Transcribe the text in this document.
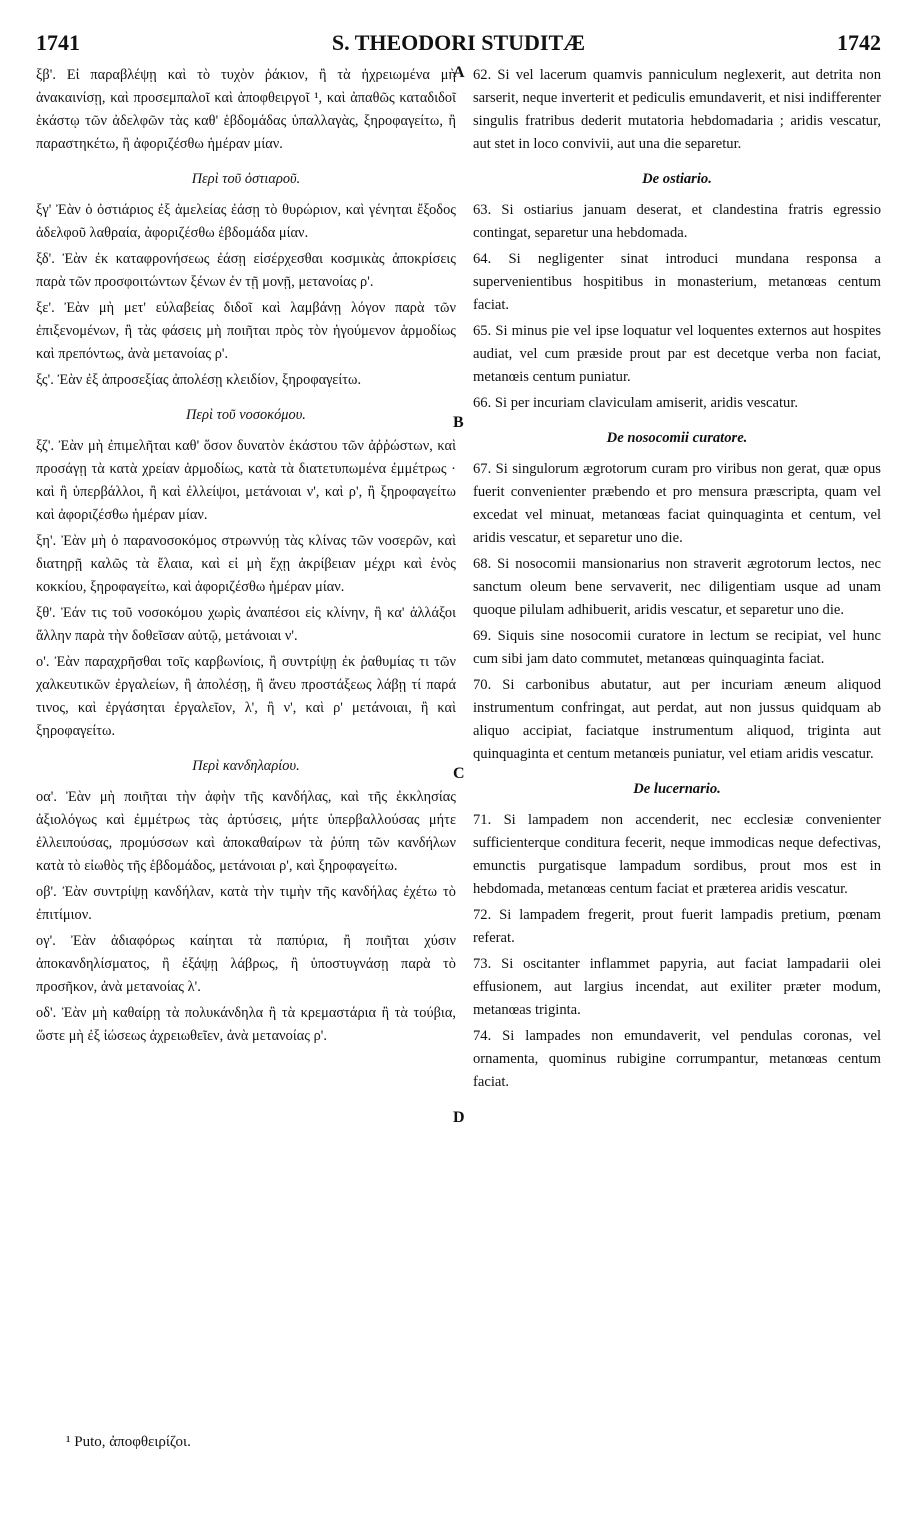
1741	S. THEODORI STUDITÆ	1742
ξβ'. Εἰ παραβλέψῃ καὶ τὸ τυχὸν ῥάκιον, ἢ τὰ ἠχρειωμένα μὴ ἀνακαινίσῃ, καὶ προσεμπαλοῖ καὶ ἀποφθειργοῖ ¹, καὶ ἀπαθῶς καταδιδοῖ ἑκάστῳ τῶν ἀδελφῶν τὰς καθ' ἑβδομάδας ὑπαλλαγὰς, ξηροφαγείτω, ἢ παραστηκέτω, ἢ ἀφοριζέσθω ἡμέραν μίαν.
Περὶ τοῦ ὀστιαροῦ.
ξγ' Ἐὰν ὁ ὀστιάριος ἐξ ἀμελείας ἐάσῃ τὸ θυρώριον, καὶ γένηται ἔξοδος ἀδελφοῦ λαθραία, ἀφοριζέσθω ἑβδομάδα μίαν.
ξδ'. Ἐὰν ἐκ καταφρονήσεως ἐάσῃ εἰσέρχεσθαι κοσμικὰς ἀποκρίσεις παρὰ τῶν προσφοιτώντων ξένων ἐν τῇ μονῇ, μετανοίας ρ'.
ξε'. Ἐὰν μὴ μετ' εὐλαβείας διδοῖ καὶ λαμβάνῃ λόγον παρὰ τῶν ἐπιξενομένων, ἢ τὰς φάσεις μὴ ποιῆται πρὸς τὸν ἡγούμενον ἁρμοδίως καὶ πρεπόντως, ἀνὰ μετανοίας ρ'.
ξς'. Ἐὰν ἐξ ἀπροσεξίας ἀπολέσῃ κλειδίον, ξηροφαγείτω.
Περὶ τοῦ νοσοκόμου.
ξζ'. Ἐὰν μὴ ἐπιμελῆται καθ' ὅσον δυνατὸν ἑκάστου τῶν ἀῤῥώστων, καὶ προσάγῃ τὰ κατὰ χρείαν ἁρμοδίως, κατὰ τὰ διατετυπωμένα ἐμμέτρως · καὶ ἢ ὑπερβάλλοι, ἢ καὶ ἐλλείψοι, μετάνοιαι ν', καὶ ρ', ἢ ξηροφαγείτω καὶ ἀφοριζέσθω ἡμέραν μίαν.
ξη'. Ἐὰν μὴ ὁ παρανοσοκόμος στρωννύῃ τὰς κλίνας τῶν νοσερῶν, καὶ διατηρῇ καλῶς τὰ ἔλαια, καὶ εἰ μὴ ἔχῃ ἀκρίβειαν μέχρι καὶ ἑνὸς κοκκίου, ξηροφαγείτω, καὶ ἀφοριζέσθω ἡμέραν μίαν.
ξθ'. Ἐάν τις τοῦ νοσοκόμου χωρὶς ἀναπέσοι εἰς κλίνην, ἢ κα' ἀλλάξοι ἄλλην παρὰ τὴν δοθεῖσαν αὐτῷ, μετάνοιαι ν'.
ο'. Ἐὰν παραχρῆσθαι τοῖς καρβωνίοις, ἢ συντρίψῃ ἐκ ῥαθυμίας τι τῶν χαλκευτικῶν ἐργαλείων, ἢ ἀπολέσῃ, ἢ ἄνευ προστάξεως λάβῃ τί παρά τινος, καὶ ἐργάσηται ἐργαλεῖον, λ', ἢ ν', καὶ ρ' μετάνοιαι, ἢ καὶ ξηροφαγείτω.
Περὶ κανδηλαρίου.
οα'. Ἐὰν μὴ ποιῆται τὴν ἀφὴν τῆς κανδήλας, καὶ τῆς ἐκκλησίας ἀξιολόγως καὶ ἐμμέτρως τὰς ἀρτύσεις, μήτε ὑπερβαλλούσας μήτε ἐλλειπούσας, προμύσσων καὶ ἀποκαθαίρων τὰ ῥύπη τῶν κανδήλων κατὰ τὸ εἰωθὸς τῆς ἑβδομάδος, μετάνοιαι ρ', καὶ ξηροφαγείτω.
οβ'. Ἐὰν συντρίψῃ κανδήλαν, κατὰ τὴν τιμὴν τῆς κανδήλας ἐχέτω τὸ ἐπιτίμιον.
ογ'. Ἐὰν ἀδιαφόρως καίηται τὰ παπύρια, ἢ ποιῆται χύσιν ἀποκανδηλίσματος, ἢ ἐξάψῃ λάβρως, ἢ ὑποστυγνάσῃ παρὰ τὸ προσῆκον, ἀνὰ μετανοίας λ'.
οδ'. Ἐὰν μὴ καθαίρῃ τὰ πολυκάνδηλα ἢ τὰ κρεμαστάρια ἢ τὰ τούβια, ὥστε μὴ ἐξ ἰώσεως ἀχρειωθεῖεν, ἀνὰ μετανοίας ρ'.
62. Si vel lacerum quamvis panniculum neglexerit, aut detrita non sarserit, neque inverterit et pediculis emundaverit, et nisi indifferenter singulis fratribus dederit mutatoria hebdomadaria ; aridis vescatur, aut stet in loco convivii, aut una die separetur.
De ostiario.
63. Si ostiarius januam deserat, et clandestina fratris egressio contingat, separetur una hebdomada.
64. Si negligenter sinat introduci mundana responsa a supervenientibus hospitibus in monasterium, metanœas centum faciat.
65. Si minus pie vel ipse loquatur vel loquentes externos aut hospites audiat, vel cum præside prout par est decetque verba non faciat, metanœis centum puniatur.
66. Si per incuriam claviculam amiserit, aridis vescatur.
De nosocomii curatore.
67. Si singulorum ægrotorum curam pro viribus non gerat, quæ opus fuerit convenienter præbendo et pro mensura præscripta, quam vel excedat vel minuat, metanœas faciat quinquaginta et centum, vel aridis vescatur, et separetur uno die.
68. Si nosocomii mansionarius non straverit ægrotorum lectos, nec sanctum oleum bene servaverit, nec diligentiam usque ad unam quoque pilulam adhibuerit, aridis vescatur, et separetur uno die.
69. Siquis sine nosocomii curatore in lectum se recipiat, vel hunc cum sibi jam dato commutet, metanœas quinquaginta faciat.
70. Si carbonibus abutatur, aut per incuriam æneum aliquod instrumentum confringat, aut perdat, aut non jussus quidquam ab aliquo accipiat, faciatque instrumentum aliquod, triginta aut quinquaginta et centum metanœis puniatur, vel etiam aridis vescatur.
De lucernario.
71. Si lampadem non accenderit, nec ecclesiæ convenienter sufficienterque conditura fecerit, neque immodicas neque defectivas, emunctis purgatisque lampadum sordibus, prout mos est in hebdomada, metanœas centum faciat et præterea aridis vescatur.
72. Si lampadem fregerit, prout fuerit lampadis pretium, pœnam referat.
73. Si oscitanter inflammet papyria, aut faciat lampadarii olei effusionem, aut largius incendat, aut exiliter præter modum, metanœas triginta.
74. Si lampades non emundaverit, vel pendulas coronas, vel ornamenta, quominus rubigine corrumpantur, metanœas centum faciat.
A
B
C
D
¹ Puto, ἀποφθειρίζοι.
